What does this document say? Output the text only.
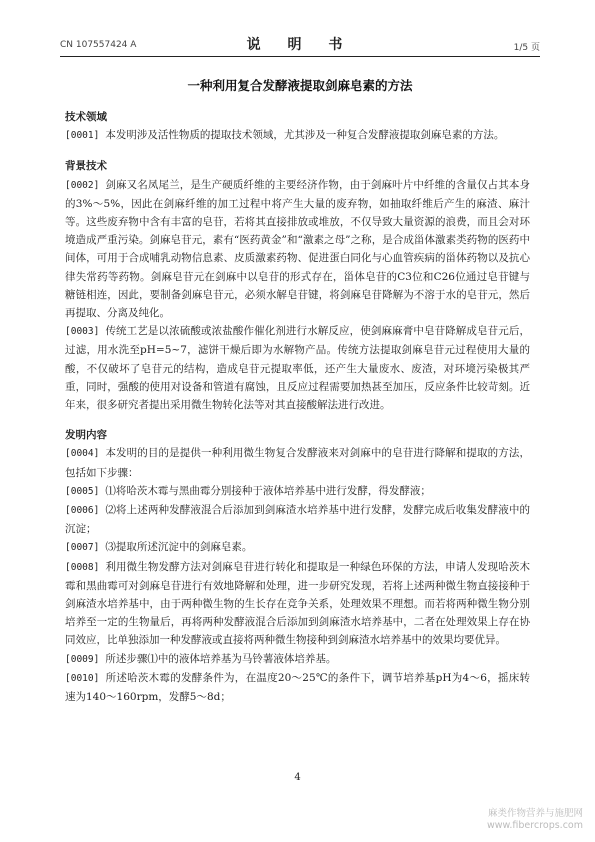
CN 107557424 A	说 明 书	1/5 页
一种利用复合发酵液提取剑麻皂素的方法

技术领域

[0001] 本发明涉及活性物质的提取技术领域，尤其涉及一种复合发酵液提取剑麻皂素的方法。

背景技术

[0002] 剑麻又名凤尾兰，是生产硬质纤维的主要经济作物，由于剑麻叶片中纤维的含量仅占其本身的3%～5%，因此在剑麻纤维的加工过程中将产生大量的废弃物，如抽取纤维后产生的麻渣、麻汁等。这些废弃物中含有丰富的皂苷，若将其直接排放或堆放，不仅导致大量资源的浪费，而且会对环境造成严重污染。剑麻皂苷元，素有“医药黄金”和“激素之母”之称，是合成甾体激素类药物的医药中间体，可用于合成哺乳动物信息素、皮质激素药物、促进蛋白同化与心血管疾病的甾体药物以及抗心律失常药等药物。剑麻皂苷元在剑麻中以皂苷的形式存在，甾体皂苷的C3位和C26位通过皂苷键与糖链相连，因此，要制备剑麻皂苷元，必须水解皂苷键，将剑麻皂苷降解为不溶于水的皂苷元，然后再提取、分离及纯化。

[0003] 传统工艺是以浓硫酸或浓盐酸作催化剂进行水解反应，使剑麻麻膏中皂苷降解成皂苷元后，过滤，用水洗至pH=5~7，滤饼干燥后即为水解物产品。传统方法提取剑麻皂苷元过程使用大量的酸，不仅破坏了皂苷元的结构，造成皂苷元提取率低，还产生大量废水、废渣，对环境污染极其严重，同时，强酸的使用对设备和管道有腐蚀，且反应过程需要加热甚至加压，反应条件比较苛刻。近年来，很多研究者提出采用微生物转化法等对其直接酸解法进行改进。

发明内容

[0004] 本发明的目的是提供一种利用微生物复合发酵液来对剑麻中的皂苷进行降解和提取的方法，包括如下步骤：

[0005] ⑴将哈茨木霉与黑曲霉分别接种于液体培养基中进行发酵，得发酵液；

[0006] ⑵将上述两种发酵液混合后添加到剑麻渣水培养基中进行发酵，发酵完成后收集发酵液中的沉淀；

[0007] ⑶提取所述沉淀中的剑麻皂素。

[0008] 利用微生物发酵方法对剑麻皂苷进行转化和提取是一种绿色环保的方法，申请人发现哈茨木霉和黑曲霉可对剑麻皂苷进行有效地降解和处理，进一步研究发现，若将上述两种微生物直接接种于剑麻渣水培养基中，由于两种微生物的生长存在竞争关系，处理效果不理想。而若将两种微生物分别培养至一定的生物量后，再将两种发酵液混合后添加到剑麻渣水培养基中，二者在处理效果上存在协同效应，比单独添加一种发酵液或直接将两种微生物接种到剑麻渣水培养基中的效果均要优异。

[0009] 所述步骤⑴中的液体培养基为马铃薯液体培养基。

[0010] 所述哈茨木霉的发酵条件为，在温度20～25℃的条件下，调节培养基pH为4～6，摇床转速为140～160rpm，发酵5～8d；

4
麻类作物营养与施肥网
www.fibercrops.com
